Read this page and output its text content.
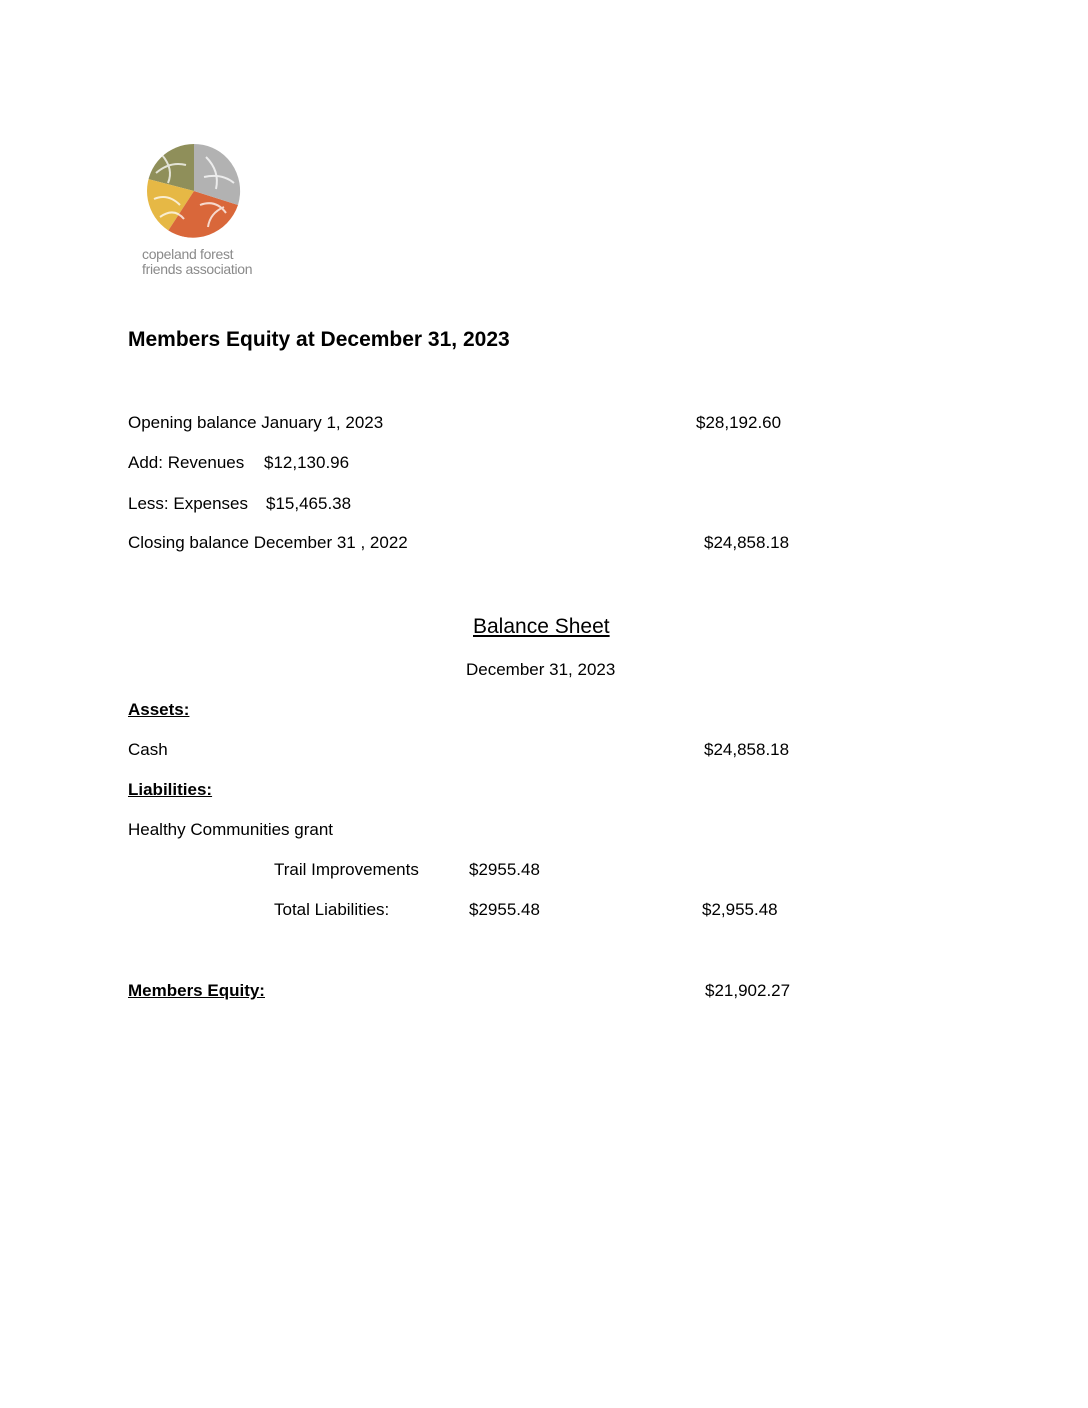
copeland forest
friends association
Members Equity at December 31, 2023
Opening balance January 1, 2023	$28,192.60
Add: Revenues $12,130.96
Less: Expenses $15,465.38
Closing balance December 31 , 2022	$24,858.18
Balance Sheet
December 31, 2023
Assets:
Cash	$24,858.18
Liabilities:
Healthy Communities grant
Trail Improvements	$2955.48
Total Liabilities:	$2955.48	$2,955.48
Members Equity:	$21,902.27
